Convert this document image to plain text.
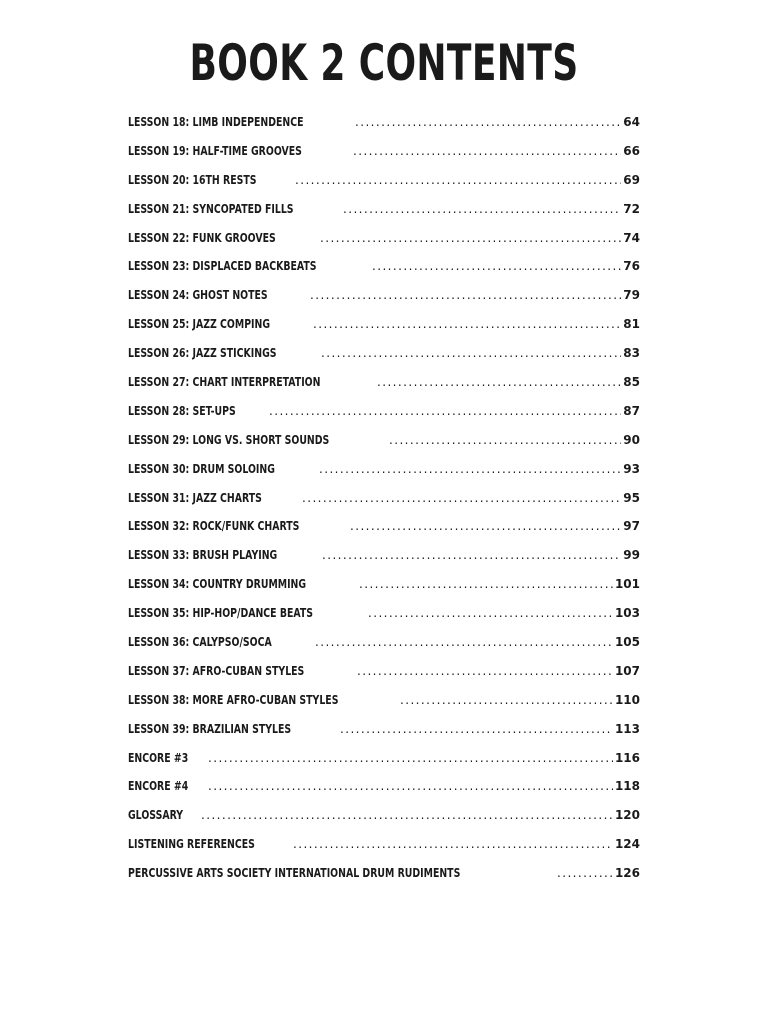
BOOK 2 CONTENTS
LESSON 18: LIMB INDEPENDENCE . . .	64
LESSON 19: HALF-TIME GROOVES . . .	66
LESSON 20: 16TH RESTS . . .	69
LESSON 21: SYNCOPATED FILLS . . .	72
LESSON 22: FUNK GROOVES . . .	74
LESSON 23: DISPLACED BACKBEATS . . .	76
LESSON 24: GHOST NOTES . . .	79
LESSON 25: JAZZ COMPING . . .	81
LESSON 26: JAZZ STICKINGS . . .	83
LESSON 27: CHART INTERPRETATION . . .	85
LESSON 28: SET-UPS . . .	87
LESSON 29: LONG VS. SHORT SOUNDS . . .	90
LESSON 30: DRUM SOLOING . . .	93
LESSON 31: JAZZ CHARTS . . .	95
LESSON 32: ROCK/FUNK CHARTS . . .	97
LESSON 33: BRUSH PLAYING . . .	99
LESSON 34: COUNTRY DRUMMING . . .	101
LESSON 35: HIP-HOP/DANCE BEATS . . .	103
LESSON 36: CALYPSO/SOCA . . .	105
LESSON 37: AFRO-CUBAN STYLES . . .	107
LESSON 38: MORE AFRO-CUBAN STYLES . . .	110
LESSON 39: BRAZILIAN STYLES . . .	113
ENCORE #3 . . .	116
ENCORE #4 . . .	118
GLOSSARY . . .	120
LISTENING REFERENCES . . .	124
PERCUSSIVE ARTS SOCIETY INTERNATIONAL DRUM RUDIMENTS . . .	126
